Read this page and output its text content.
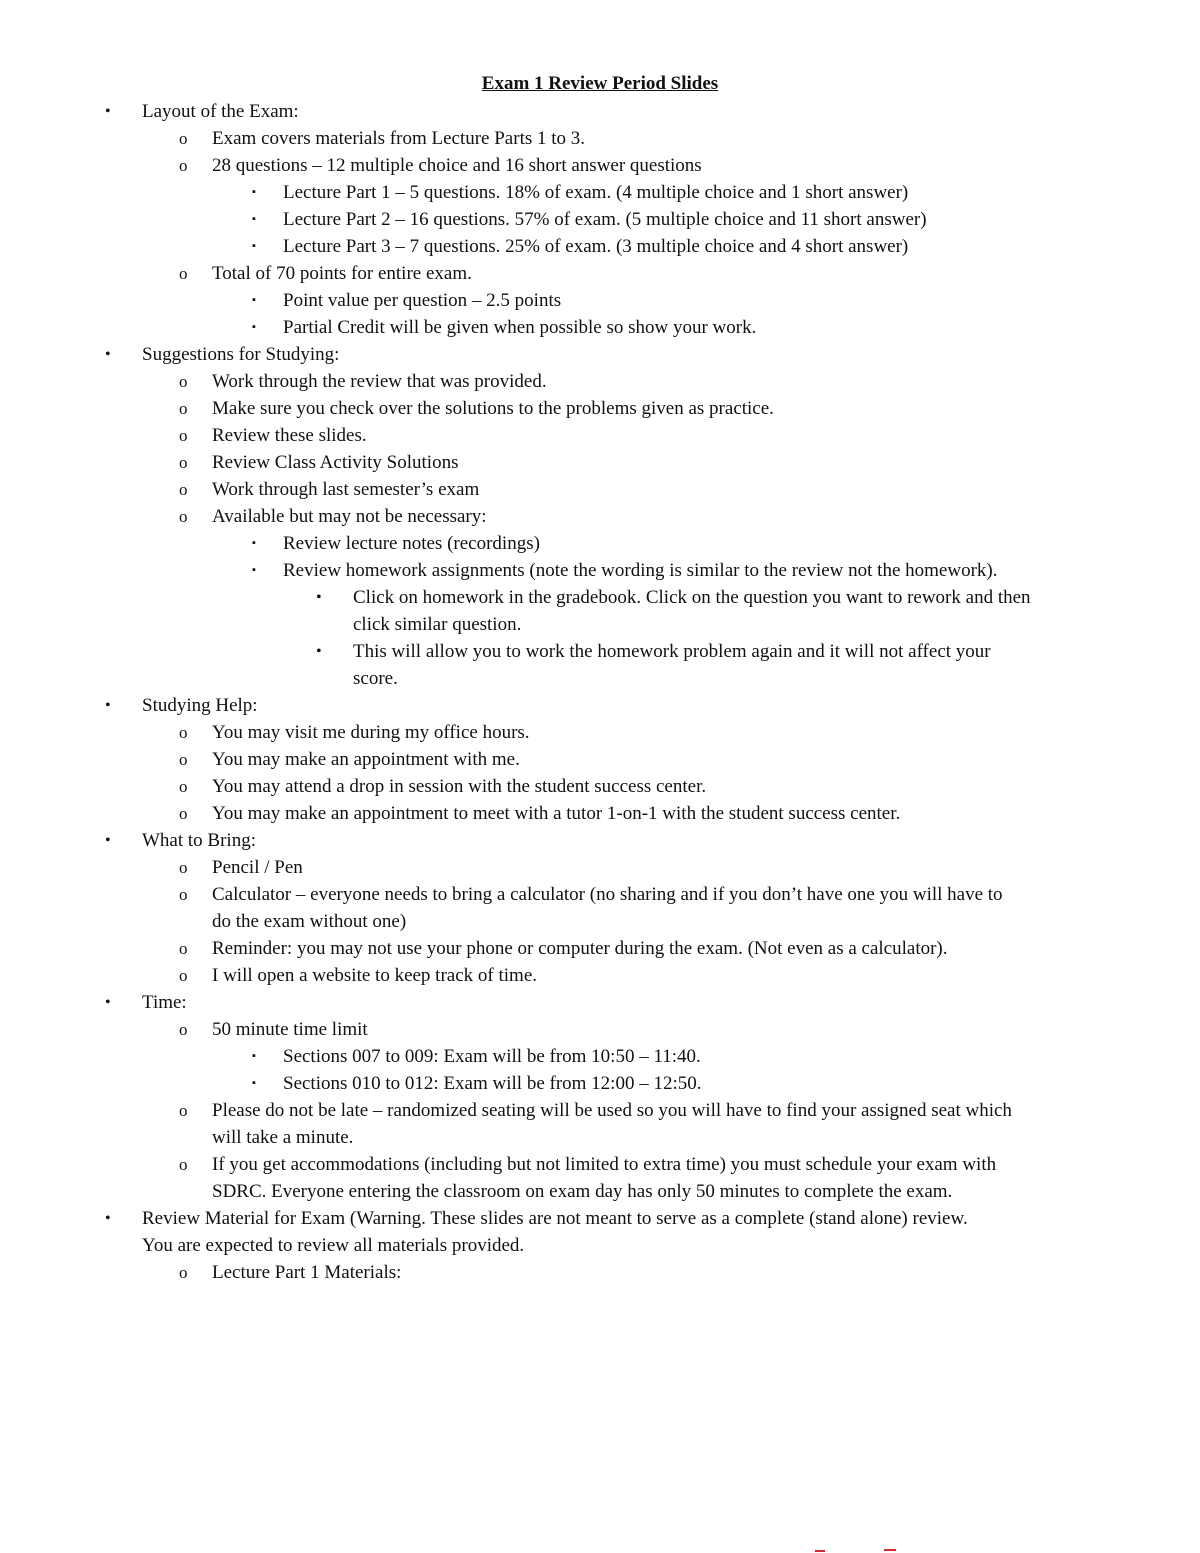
Exam 1 Review Period Slides
• Layout of the Exam:
o Exam covers materials from Lecture Parts 1 to 3.
o 28 questions – 12 multiple choice and 16 short answer questions
▪ Lecture Part 1 – 5 questions. 18% of exam. (4 multiple choice and 1 short answer)
▪ Lecture Part 2 – 16 questions. 57% of exam. (5 multiple choice and 11 short answer)
▪ Lecture Part 3 – 7 questions. 25% of exam. (3 multiple choice and 4 short answer)
o Total of 70 points for entire exam.
▪ Point value per question – 2.5 points
▪ Partial Credit will be given when possible so show your work.
• Suggestions for Studying:
o Work through the review that was provided.
o Make sure you check over the solutions to the problems given as practice.
o Review these slides.
o Review Class Activity Solutions
o Work through last semester’s exam
o Available but may not be necessary:
▪ Review lecture notes (recordings)
▪ Review homework assignments (note the wording is similar to the review not the homework).
• Click on homework in the gradebook. Click on the question you want to rework and then
click similar question.
• This will allow you to work the homework problem again and it will not affect your
score.
• Studying Help:
o You may visit me during my office hours.
o You may make an appointment with me.
o You may attend a drop in session with the student success center.
o You may make an appointment to meet with a tutor 1-on-1 with the student success center.
• What to Bring:
o Pencil / Pen
o Calculator – everyone needs to bring a calculator (no sharing and if you don’t have one you will have to
do the exam without one)
o Reminder: you may not use your phone or computer during the exam. (Not even as a calculator).
o I will open a website to keep track of time.
• Time:
o 50 minute time limit
▪ Sections 007 to 009: Exam will be from 10:50 – 11:40.
▪ Sections 010 to 012: Exam will be from 12:00 – 12:50.
o Please do not be late – randomized seating will be used so you will have to find your assigned seat which
will take a minute.
o If you get accommodations (including but not limited to extra time) you must schedule your exam with
SDRC. Everyone entering the classroom on exam day has only 50 minutes to complete the exam.
• Review Material for Exam (Warning. These slides are not meant to serve as a complete (stand alone) review.
You are expected to review all materials provided.
o Lecture Part 1 Materials:
